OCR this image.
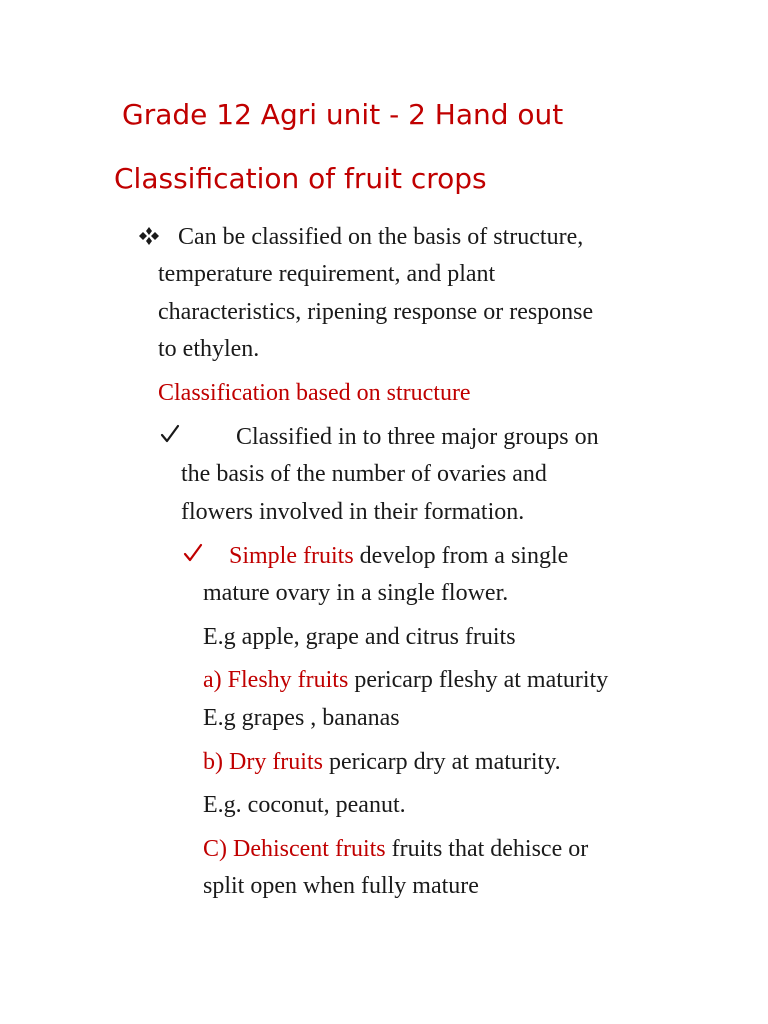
Grade 12 Agri unit - 2 Hand out
Classification of fruit crops
Can be classified on the basis of structure,
temperature requirement, and plant
characteristics, ripening response or response
to ethylen.
Classification based on structure
Classified in to three major groups on
the basis of the number of ovaries and
flowers involved in their formation.
Simple fruits develop from a single
mature ovary in a single flower.
E.g apple, grape and citrus fruits
a) Fleshy fruits pericarp fleshy at maturity
E.g grapes , bananas
b) Dry fruits pericarp dry at maturity.
E.g. coconut, peanut.
C) Dehiscent fruits fruits that dehisce or
split open when fully mature
